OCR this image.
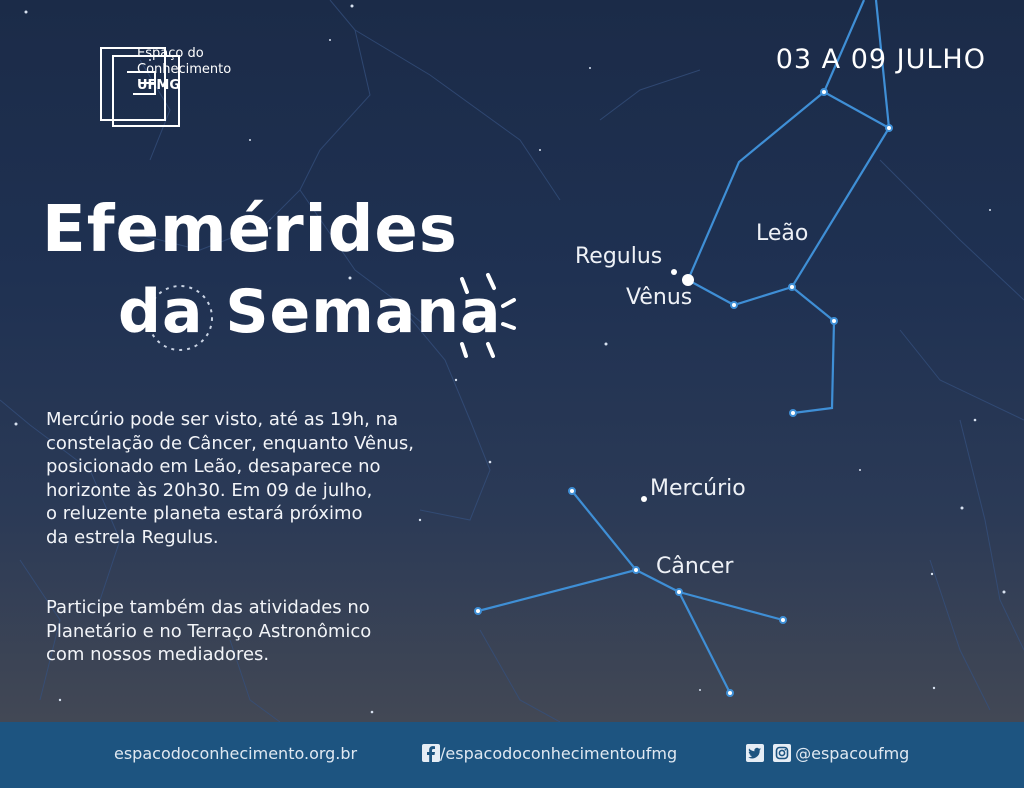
Espaço do
Conhecimento
UFMG
03 A 09 JULHO
Efemérides
da Semana
Mercúrio pode ser visto, até as 19h, na
constelação de Câncer, enquanto Vênus,
posicionado em Leão, desaparece no
horizonte às 20h30. Em 09 de julho,
o reluzente planeta estará próximo
da estrela Regulus.
Participe também das atividades no
Planetário e no Terraço Astronômico
com nossos mediadores.
Regulus
Vênus
Leão
Mercúrio
Câncer
espacodoconhecimento.org.br	/espacodoconhecimentoufmg	@espacoufmg
